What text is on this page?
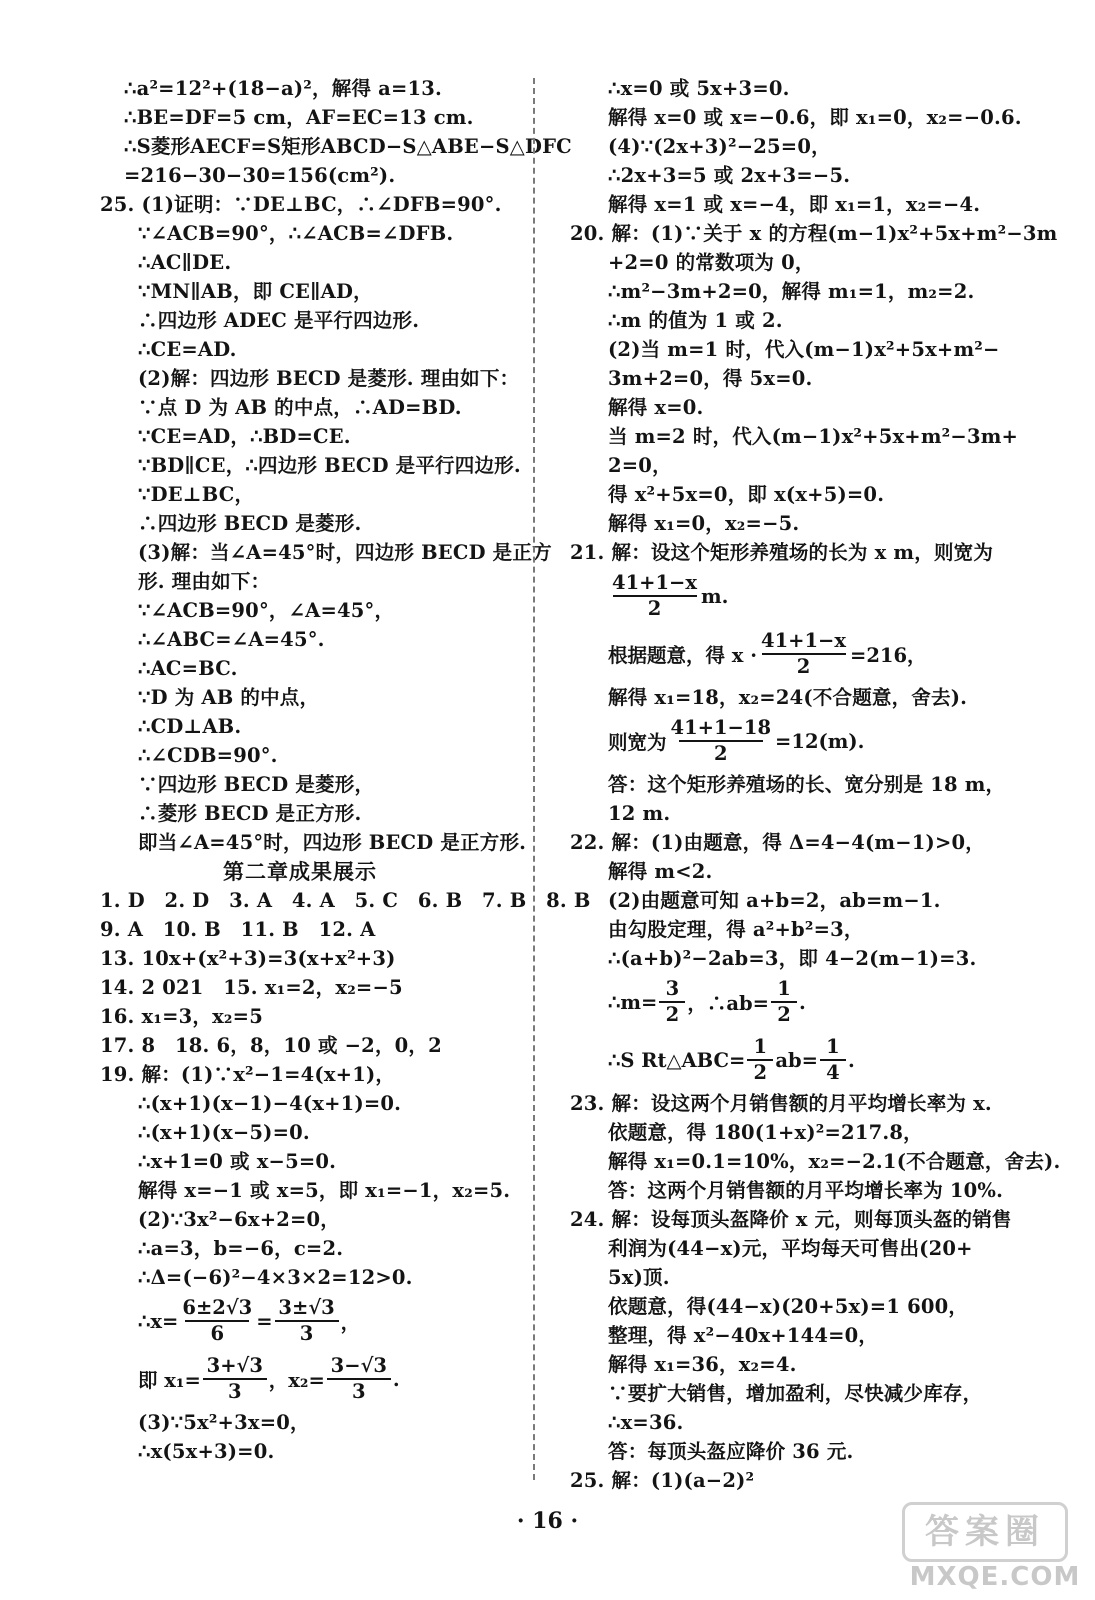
∴a²=12²+(18−a)²，解得 a=13.
∴BE=DF=5 cm，AF=EC=13 cm.
∴S菱形AECF=S矩形ABCD−S△ABE−S△DFC
=216−30−30=156(cm²).
25. (1)证明：∵DE⊥BC，∴∠DFB=90°.
∵∠ACB=90°，∴∠ACB=∠DFB.
∴AC∥DE.
∵MN∥AB，即 CE∥AD，
∴四边形 ADEC 是平行四边形.
∴CE=AD.
(2)解：四边形 BECD 是菱形. 理由如下：
∵点 D 为 AB 的中点，∴AD=BD.
∵CE=AD，∴BD=CE.
∵BD∥CE，∴四边形 BECD 是平行四边形.
∵DE⊥BC，
∴四边形 BECD 是菱形.
(3)解：当∠A=45°时，四边形 BECD 是正方
形. 理由如下：
∵∠ACB=90°，∠A=45°，
∴∠ABC=∠A=45°.
∴AC=BC.
∵D 为 AB 的中点，
∴CD⊥AB.
∴∠CDB=90°.
∵四边形 BECD 是菱形，
∴菱形 BECD 是正方形.
即当∠A=45°时，四边形 BECD 是正方形.
第二章成果展示
1. D　2. D　3. A　4. A　5. C　6. B　7. B　8. B
9. A　10. B　11. B　12. A
13. 10x+(x²+3)=3(x+x²+3)
14. 2 021　15. x₁=2，x₂=−5
16. x₁=3，x₂=5
17. 8　18. 6，8，10 或 −2，0，2
19. 解：(1)∵x²−1=4(x+1)，
∴(x+1)(x−1)−4(x+1)=0.
∴(x+1)(x−5)=0.
∴x+1=0 或 x−5=0.
解得 x=−1 或 x=5，即 x₁=−1，x₂=5.
(2)∵3x²−6x+2=0，
∴a=3，b=−6，c=2.
∴Δ=(−6)²−4×3×2=12>0.
∴x= $\frac{6\pm 2√3}{6} = \frac{3\pm√3}{3}$ ，
即 $x_1= \frac{3+√3}{3}$ ，$x_2= \frac{3-√3}{3}$ .
(3)∵5x²+3x=0，
∴x(5x+3)=0.
∴x=0 或 5x+3=0.
解得 x=0 或 x=−0.6，即 x₁=0，x₂=−0.6.
(4)∵(2x+3)²−25=0，
∴2x+3=5 或 2x+3=−5.
解得 x=1 或 x=−4，即 x₁=1，x₂=−4.
20. 解：(1)∵关于 x 的方程(m−1)x²+5x+m²−3m
+2=0 的常数项为 0，
∴m²−3m+2=0，解得 m₁=1，m₂=2.
∴m 的值为 1 或 2.
(2)当 m=1 时，代入(m−1)x²+5x+m²−
3m+2=0，得 5x=0.
解得 x=0.
当 m=2 时，代入(m−1)x²+5x+m²−3m+
2=0，
得 x²+5x=0，即 x(x+5)=0.
解得 x₁=0，x₂=−5.
21. 解：设这个矩形养殖场的长为 x m，则宽为
$\frac{41+1-x}{2} m$.
根据题意，得 $x \cdot \frac{41+1-x}{2} =216$，
解得 x₁=18，x₂=24(不合题意，舍去).
则宽为 $\frac{41+1-18}{2} =12(m)$.
答：这个矩形养殖场的长、宽分别是 18 m，
12 m.
22. 解：(1)由题意，得 Δ=4−4(m−1)>0，
解得 m<2.
(2)由题意可知 a+b=2，ab=m−1.
由勾股定理，得 a²+b²=3，
∴(a+b)²−2ab=3，即 4−2(m−1)=3.
∴m= $\frac{3}{2}$ ，∴ab= $\frac{1}{2}$ .
∴S Rt△ABC= $\frac{1}{2} ab= \frac{1}{4}$ .
23. 解：设这两个月销售额的月平均增长率为 x.
依题意，得 180(1+x)²=217.8，
解得 x₁=0.1=10%，x₂=−2.1(不合题意，舍去).
答：这两个月销售额的月平均增长率为 10%.
24. 解：设每顶头盔降价 x 元，则每顶头盔的销售
利润为(44−x)元，平均每天可售出(20+
5x)顶.
依题意，得(44−x)(20+5x)=1 600，
整理，得 x²−40x+144=0，
解得 x₁=36，x₂=4.
∵要扩大销售，增加盈利，尽快减少库存，
∴x=36.
答：每顶头盔应降价 36 元.
25. 解：(1)(a−2)²
· 16 ·	答案圈
MXQE.COM
